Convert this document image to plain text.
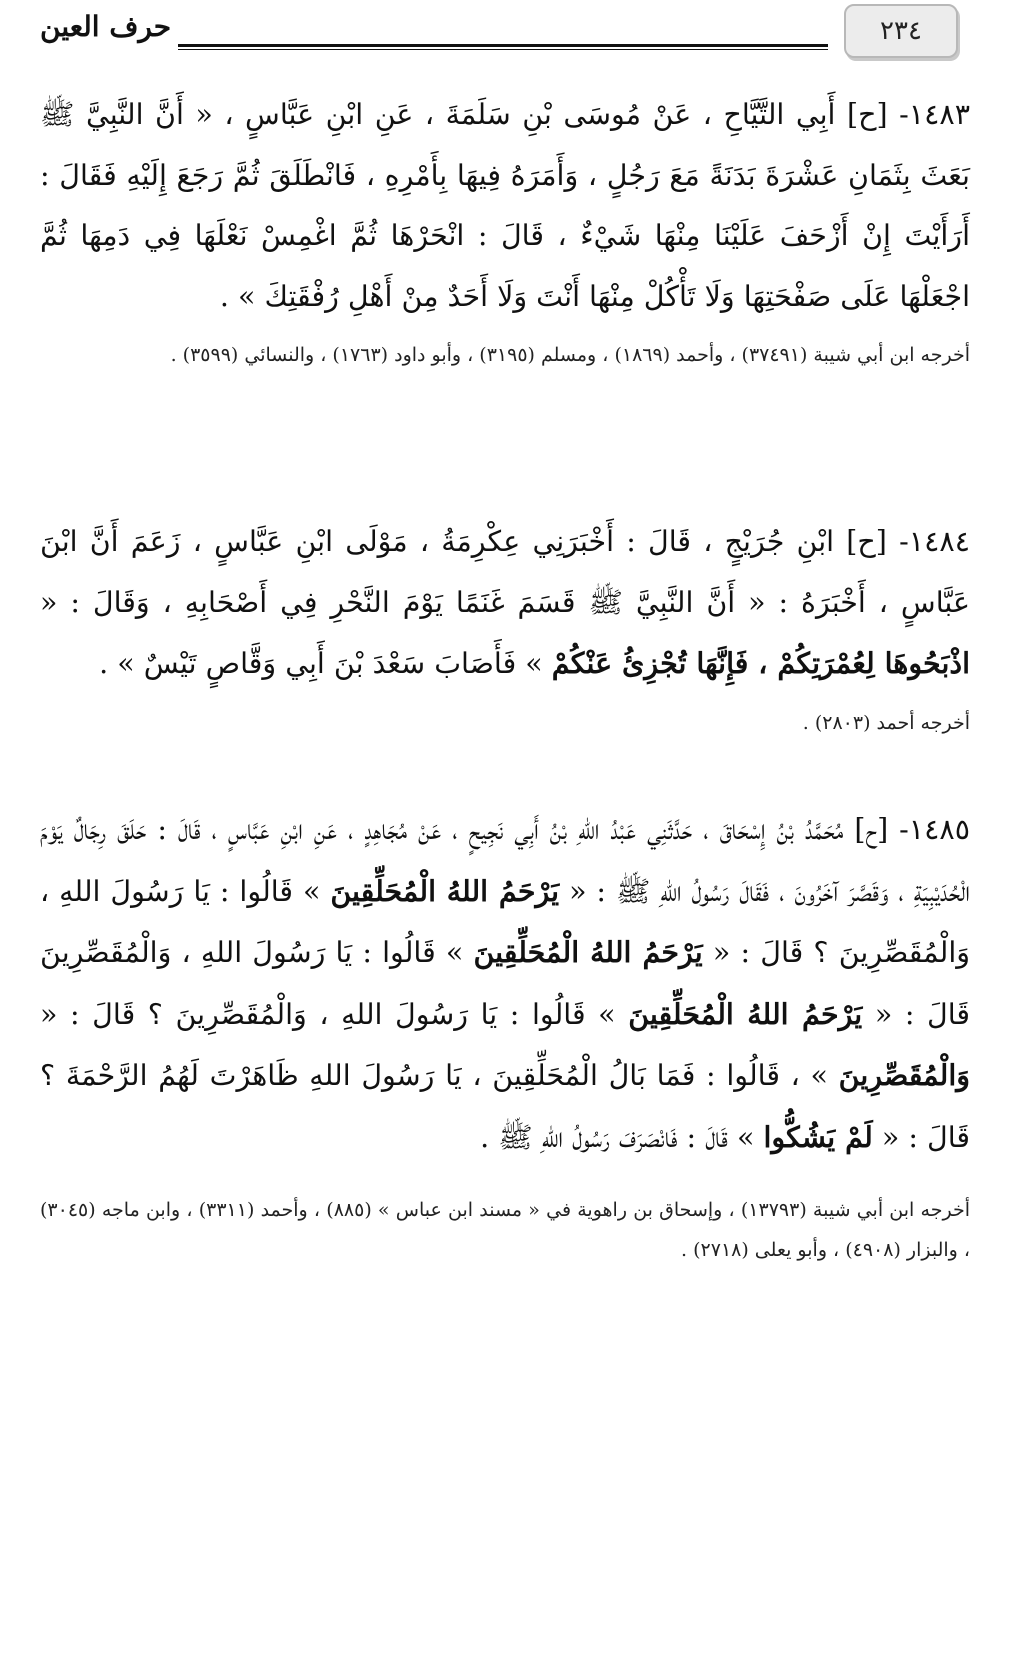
٢٣٤
حرف العين

١٤٨٣- [ح] أَبِي التَّيَّاحِ ، عَنْ مُوسَى بْنِ سَلَمَةَ ، عَنِ ابْنِ عَبَّاسٍ ، « أَنَّ النَّبِيَّ ﷺ بَعَثَ بِثَمَانِ عَشْرَةَ بَدَنَةً مَعَ رَجُلٍ ، وَأَمَرَهُ فِيهَا بِأَمْرِهِ ، فَانْطَلَقَ ثُمَّ رَجَعَ إِلَيْهِ فَقَالَ : أَرَأَيْتَ إِنْ أَزْحَفَ عَلَيْنَا مِنْهَا شَيْءٌ ، قَالَ : انْحَرْهَا ثُمَّ اغْمِسْ نَعْلَهَا فِي دَمِهَا ثُمَّ اجْعَلْهَا عَلَى صَفْحَتِهَا وَلَا تَأْكُلْ مِنْهَا أَنْتَ وَلَا أَحَدٌ مِنْ أَهْلِ رُفْقَتِكَ » .

أخرجه ابن أبي شيبة (٣٧٤٩١) ، وأحمد (١٨٦٩) ، ومسلم (٣١٩٥) ، وأبو داود (١٧٦٣) ، والنسائي (٣٥٩٩) .

١٤٨٤- [ح] ابْنِ جُرَيْجٍ ، قَالَ : أَخْبَرَنِي عِكْرِمَةُ ، مَوْلَى ابْنِ عَبَّاسٍ ، زَعَمَ أَنَّ ابْنَ عَبَّاسٍ ، أَخْبَرَهُ : « أَنَّ النَّبِيَّ ﷺ قَسَمَ غَنَمًا يَوْمَ النَّحْرِ فِي أَصْحَابِهِ ، وَقَالَ : « اذْبَحُوهَا لِعُمْرَتِكُمْ ، فَإِنَّهَا تُجْزِئُ عَنْكُمْ » فَأَصَابَ سَعْدَ بْنَ أَبِي وَقَّاصٍ تَيْسٌ » .

أخرجه أحمد (٢٨٠٣) .

١٤٨٥- [ح] مُحَمَّدُ بْنُ إِسْحَاقَ ، حَدَّثَنِي عَبْدُ اللهِ بْنُ أَبِي نَجِيحٍ ، عَنْ مُجَاهِدٍ ، عَنِ ابْنِ عَبَّاسٍ ، قَالَ : حَلَقَ رِجَالٌ يَوْمَ الْحُدَيْبِيَةِ ، وَقَصَّرَ آخَرُونَ ، فَقَالَ رَسُولُ اللهِ ﷺ : « يَرْحَمُ اللهُ الْمُحَلِّقِينَ » قَالُوا : يَا رَسُولَ اللهِ ، وَالْمُقَصِّرِينَ ؟ قَالَ : « يَرْحَمُ اللهُ الْمُحَلِّقِينَ » قَالُوا : يَا رَسُولَ اللهِ ، وَالْمُقَصِّرِينَ قَالَ : « يَرْحَمُ اللهُ الْمُحَلِّقِينَ » قَالُوا : يَا رَسُولَ اللهِ ، وَالْمُقَصِّرِينَ ؟ قَالَ : « وَالْمُقَصِّرِينَ » ، قَالُوا : فَمَا بَالُ الْمُحَلِّقِينَ ، يَا رَسُولَ اللهِ ظَاهَرْتَ لَهُمُ الرَّحْمَةَ ؟ قَالَ : « لَمْ يَشُكُّوا » قَالَ : فَانْصَرَفَ رَسُولُ اللهِ ﷺ .

أخرجه ابن أبي شيبة (١٣٧٩٣) ، وإسحاق بن راهوية في « مسند ابن عباس » (٨٨٥) ، وأحمد (٣٣١١) ، وابن ماجه (٣٠٤٥) ، والبزار (٤٩٠٨) ، وأبو يعلى (٢٧١٨) .
